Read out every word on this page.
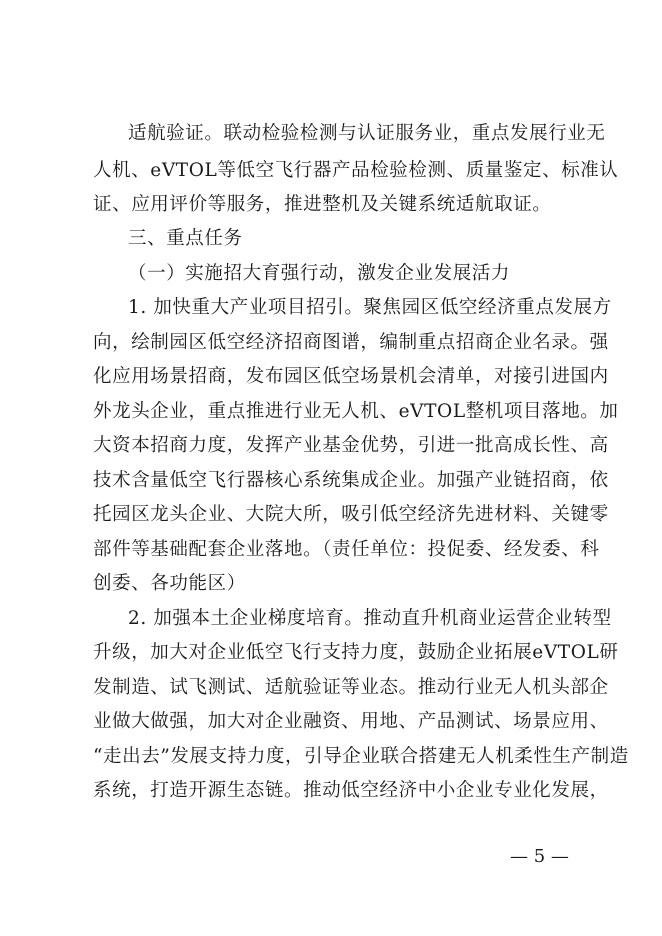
适航验证。联动检验检测与认证服务业，重点发展行业无
人机、eVTOL等低空飞行器产品检验检测、质量鉴定、标准认
证、应用评价等服务，推进整机及关键系统适航取证。
三、重点任务
（一）实施招大育强行动，激发企业发展活力
1. 加快重大产业项目招引。聚焦园区低空经济重点发展方
向，绘制园区低空经济招商图谱，编制重点招商企业名录。强
化应用场景招商，发布园区低空场景机会清单，对接引进国内
外龙头企业，重点推进行业无人机、eVTOL整机项目落地。加
大资本招商力度，发挥产业基金优势，引进一批高成长性、高
技术含量低空飞行器核心系统集成企业。加强产业链招商，依
托园区龙头企业、大院大所，吸引低空经济先进材料、关键零
部件等基础配套企业落地。（责任单位：投促委、经发委、科
创委、各功能区）
2. 加强本土企业梯度培育。推动直升机商业运营企业转型
升级，加大对企业低空飞行支持力度，鼓励企业拓展eVTOL研
发制造、试飞测试、适航验证等业态。推动行业无人机头部企
业做大做强，加大对企业融资、用地、产品测试、场景应用、
“走出去”发展支持力度，引导企业联合搭建无人机柔性生产制造
系统，打造开源生态链。推动低空经济中小企业专业化发展，
— 5 —
